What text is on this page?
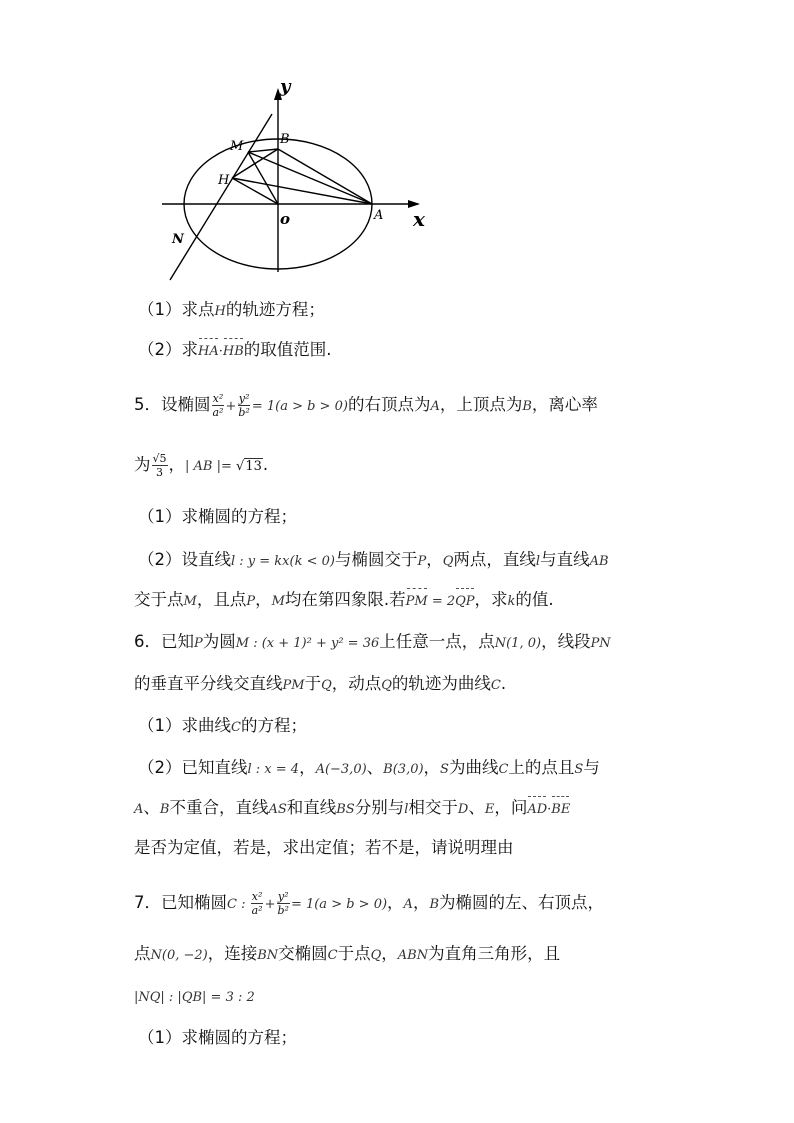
y
x
o	A
B
M
H
N
（1）求点H的轨迹方程；
（2）求HA·HB的取值范围.
5．设椭圆 $\frac{\text{x²}}{\text{a²}} + \frac{\text{y²}}{\text{b²}} = 1(a > b > 0)$的右顶点为A，上顶点为B，离心率
为 $\frac{√5}{3}$ ，| AB |= √13.
（1）求椭圆的方程；
（2）设直线l : y = kx(k < 0)与椭圆交于P，Q两点，直线l与直线AB
交于点M，且点P，M均在第四象限.若PM = 2QP，求k的值.
6．已知P为圆M : (x + 1)² + y² = 36上任意一点，点N(1, 0)，线段PN
的垂直平分线交直线PM于Q，动点Q的轨迹为曲线C.
（1）求曲线C的方程；
（2）已知直线l : x = 4，A(−3,0)、B(3,0)，S为曲线C上的点且S与
A、B不重合，直线AS和直线BS分别与l相交于D、E，问AD·BE
是否为定值，若是，求出定值；若不是，请说明理由
7．已知椭圆C : $\frac{\text{x²}}{\text{a²}} + \frac{\text{y²}}{\text{b²}} = 1(a > b > 0)$，A，B为椭圆的左、右顶点，
点N(0, −2)，连接BN交椭圆C于点Q，ABN为直角三角形，且
|NQ| : |QB| = 3 : 2
（1）求椭圆的方程；
